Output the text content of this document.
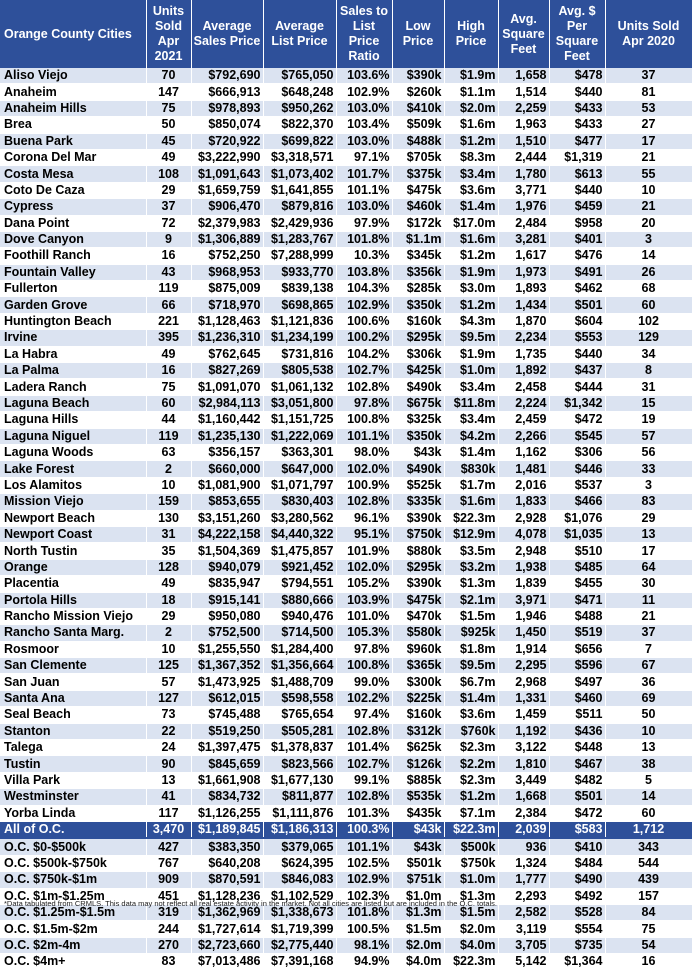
Orange County Cities	Units Sold Apr 2021	Average Sales Price	Average List Price	Sales to List Price Ratio	Low Price	High Price	Avg. Square Feet	Avg. $ Per Square Feet	Units Sold Apr 2020
Aliso Viejo	70	$792,690	$765,050	103.6%	$390k	$1.9m	1,658	$478	37
Anaheim	147	$666,913	$648,248	102.9%	$260k	$1.1m	1,514	$440	81
Anaheim Hills	75	$978,893	$950,262	103.0%	$410k	$2.0m	2,259	$433	53
Brea	50	$850,074	$822,370	103.4%	$509k	$1.6m	1,963	$433	27
Buena Park	45	$720,922	$699,822	103.0%	$488k	$1.2m	1,510	$477	17
Corona Del Mar	49	$3,222,990	$3,318,571	97.1%	$705k	$8.3m	2,444	$1,319	21
Costa Mesa	108	$1,091,643	$1,073,402	101.7%	$375k	$3.4m	1,780	$613	55
Coto De Caza	29	$1,659,759	$1,641,855	101.1%	$475k	$3.6m	3,771	$440	10
Cypress	37	$906,470	$879,816	103.0%	$460k	$1.4m	1,976	$459	21
Dana Point	72	$2,379,983	$2,429,936	97.9%	$172k	$17.0m	2,484	$958	20
Dove Canyon	9	$1,306,889	$1,283,767	101.8%	$1.1m	$1.6m	3,281	$401	3
Foothill Ranch	16	$752,250	$7,288,999	10.3%	$345k	$1.2m	1,617	$476	14
Fountain Valley	43	$968,953	$933,770	103.8%	$356k	$1.9m	1,973	$491	26
Fullerton	119	$875,009	$839,138	104.3%	$285k	$3.0m	1,893	$462	68
Garden Grove	66	$718,970	$698,865	102.9%	$350k	$1.2m	1,434	$501	60
Huntington Beach	221	$1,128,463	$1,121,836	100.6%	$160k	$4.3m	1,870	$604	102
Irvine	395	$1,236,310	$1,234,199	100.2%	$295k	$9.5m	2,234	$553	129
La Habra	49	$762,645	$731,816	104.2%	$306k	$1.9m	1,735	$440	34
La Palma	16	$827,269	$805,538	102.7%	$425k	$1.0m	1,892	$437	8
Ladera Ranch	75	$1,091,070	$1,061,132	102.8%	$490k	$3.4m	2,458	$444	31
Laguna Beach	60	$2,984,113	$3,051,800	97.8%	$675k	$11.8m	2,224	$1,342	15
Laguna Hills	44	$1,160,442	$1,151,725	100.8%	$325k	$3.4m	2,459	$472	19
Laguna Niguel	119	$1,235,130	$1,222,069	101.1%	$350k	$4.2m	2,266	$545	57
Laguna Woods	63	$356,157	$363,301	98.0%	$43k	$1.4m	1,162	$306	56
Lake Forest	2	$660,000	$647,000	102.0%	$490k	$830k	1,481	$446	33
Los Alamitos	10	$1,081,900	$1,071,797	100.9%	$525k	$1.7m	2,016	$537	3
Mission Viejo	159	$853,655	$830,403	102.8%	$335k	$1.6m	1,833	$466	83
Newport Beach	130	$3,151,260	$3,280,562	96.1%	$390k	$22.3m	2,928	$1,076	29
Newport Coast	31	$4,222,158	$4,440,322	95.1%	$750k	$12.9m	4,078	$1,035	13
North Tustin	35	$1,504,369	$1,475,857	101.9%	$880k	$3.5m	2,948	$510	17
Orange	128	$940,079	$921,452	102.0%	$295k	$3.2m	1,938	$485	64
Placentia	49	$835,947	$794,551	105.2%	$390k	$1.3m	1,839	$455	30
Portola Hills	18	$915,141	$880,666	103.9%	$475k	$2.1m	3,971	$471	11
Rancho Mission Viejo	29	$950,080	$940,476	101.0%	$470k	$1.5m	1,946	$488	21
Rancho Santa Marg.	2	$752,500	$714,500	105.3%	$580k	$925k	1,450	$519	37
Rosmoor	10	$1,255,550	$1,284,400	97.8%	$960k	$1.8m	1,914	$656	7
San Clemente	125	$1,367,352	$1,356,664	100.8%	$365k	$9.5m	2,295	$596	67
San Juan	57	$1,473,925	$1,488,709	99.0%	$300k	$6.7m	2,968	$497	36
Santa Ana	127	$612,015	$598,558	102.2%	$225k	$1.4m	1,331	$460	69
Seal Beach	73	$745,488	$765,654	97.4%	$160k	$3.6m	1,459	$511	50
Stanton	22	$519,250	$505,281	102.8%	$312k	$760k	1,192	$436	10
Talega	24	$1,397,475	$1,378,837	101.4%	$625k	$2.3m	3,122	$448	13
Tustin	90	$845,659	$823,566	102.7%	$126k	$2.2m	1,810	$467	38
Villa Park	13	$1,661,908	$1,677,130	99.1%	$885k	$2.3m	3,449	$482	5
Westminster	41	$834,732	$811,877	102.8%	$535k	$1.2m	1,668	$501	14
Yorba Linda	117	$1,126,255	$1,111,876	101.3%	$435k	$7.1m	2,384	$472	60
All of O.C.	3,470	$1,189,845	$1,186,313	100.3%	$43k	$22.3m	2,039	$583	1,712
O.C. $0-$500k	427	$383,350	$379,065	101.1%	$43k	$500k	936	$410	343
O.C. $500k-$750k	767	$640,208	$624,395	102.5%	$501k	$750k	1,324	$484	544
O.C. $750k-$1m	909	$870,591	$846,083	102.9%	$751k	$1.0m	1,777	$490	439
O.C. $1m-$1.25m	451	$1,128,236	$1,102,529	102.3%	$1.0m	$1.3m	2,293	$492	157
O.C. $1.25m-$1.5m	319	$1,362,969	$1,338,673	101.8%	$1.3m	$1.5m	2,582	$528	84
O.C. $1.5m-$2m	244	$1,727,614	$1,719,399	100.5%	$1.5m	$2.0m	3,119	$554	75
O.C. $2m-4m	270	$2,723,660	$2,775,440	98.1%	$2.0m	$4.0m	3,705	$735	54
O.C. $4m+	83	$7,013,486	$7,391,168	94.9%	$4.0m	$22.3m	5,142	$1,364	16
*Data tabulated from CRMLS. This data may not reflect all real estate activity in the market. Not all cities are listed but are included in the O.C. totals.
